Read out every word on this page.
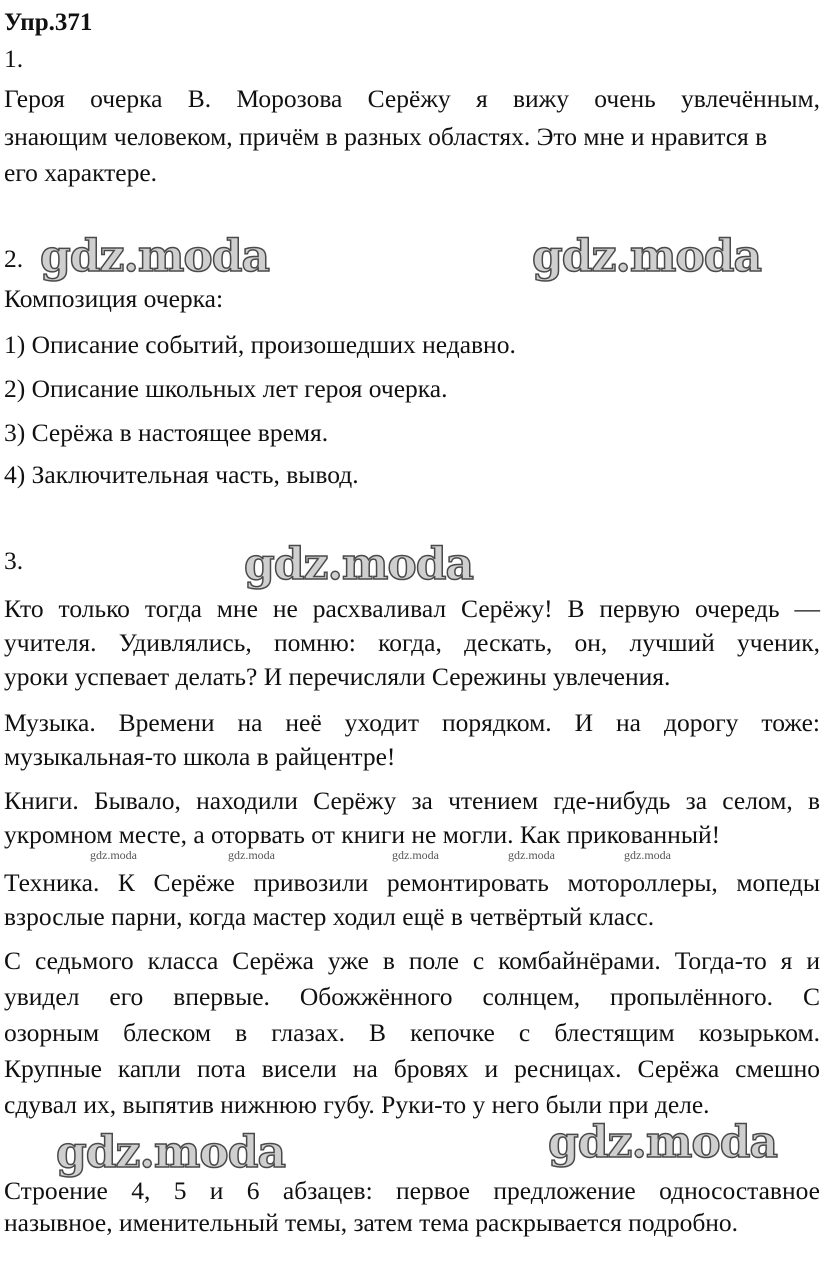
Упр.371
1.
Героя очерка В. Морозова Серёжу я вижу очень увлечённым,
знающим человеком, причём в разных областях. Это мне и нравится в
его характере.
2.
Композиция очерка:
1) Описание событий, произошедших недавно.
2) Описание школьных лет героя очерка.
3) Серёжа в настоящее время.
4) Заключительная часть, вывод.
3.
Кто только тогда мне не расхваливал Серёжу! В первую очередь —
учителя. Удивлялись, помню: когда, дескать, он, лучший ученик,
уроки успевает делать? И перечисляли Сережины увлечения.
Музыка. Времени на неё уходит порядком. И на дорогу тоже:
музыкальная-то школа в райцентре!
Книги. Бывало, находили Серёжу за чтением где-нибудь за селом, в
укромном месте, а оторвать от книги не могли. Как прикованный!
Техника. К Серёже привозили ремонтировать мотороллеры, мопеды
взрослые парни, когда мастер ходил ещё в четвёртый класс.
С седьмого класса Серёжа уже в поле с комбайнёрами. Тогда-то я и
увидел его впервые. Обожжённого солнцем, пропылённого. С
озорным блеском в глазах. В кепочке с блестящим козырьком.
Крупные капли пота висели на бровях и ресницах. Серёжа смешно
сдувал их, выпятив нижнюю губу. Руки-то у него были при деле.
Строение 4, 5 и 6 абзацев: первое предложение односоставное
назывное, именительный темы, затем тема раскрывается подробно.
gdz.moda	gdz.moda
gdz.moda
gdz.moda	gdz.moda
gdz.moda	gdz.moda	gdz.moda	gdz.moda	gdz.moda
